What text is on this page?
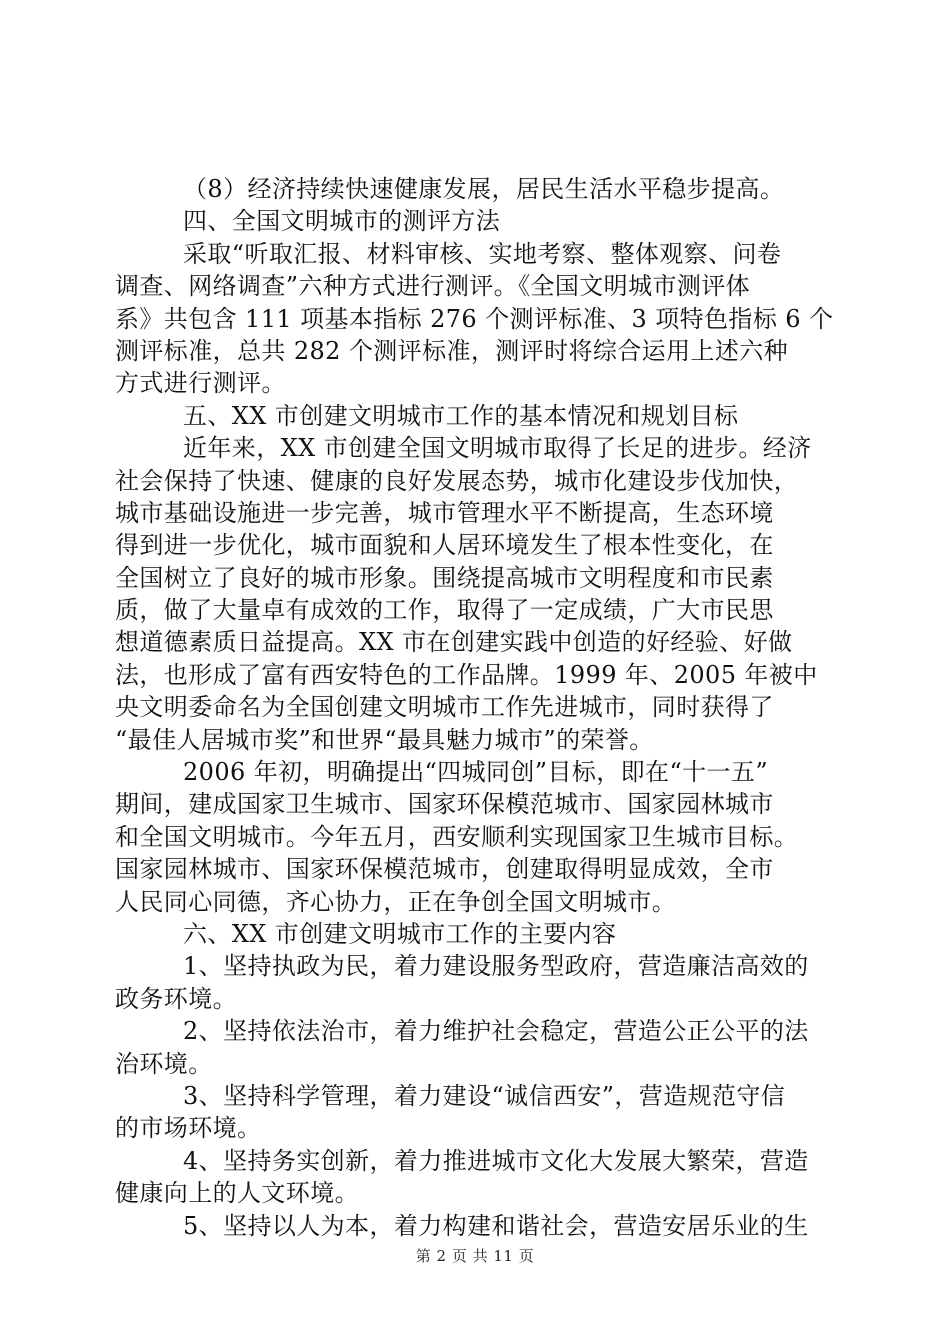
（8）经济持续快速健康发展，居民生活水平稳步提高。
四、全国文明城市的测评方法
采取“听取汇报、材料审核、实地考察、整体观察、问卷
调查、网络调查”六种方式进行测评。《全国文明城市测评体
系》共包含 111 项基本指标 276 个测评标准、3 项特色指标 6 个
测评标准，总共 282 个测评标准，测评时将综合运用上述六种
方式进行测评。
五、XX 市创建文明城市工作的基本情况和规划目标
近年来，XX 市创建全国文明城市取得了长足的进步。经济
社会保持了快速、健康的良好发展态势，城市化建设步伐加快，
城市基础设施进一步完善，城市管理水平不断提高，生态环境
得到进一步优化，城市面貌和人居环境发生了根本性变化，在
全国树立了良好的城市形象。围绕提高城市文明程度和市民素
质，做了大量卓有成效的工作，取得了一定成绩，广大市民思
想道德素质日益提高。XX 市在创建实践中创造的好经验、好做
法，也形成了富有西安特色的工作品牌。1999 年、2005 年被中
央文明委命名为全国创建文明城市工作先进城市，同时获得了
“最佳人居城市奖”和世界“最具魅力城市”的荣誉。
2006 年初，明确提出“四城同创”目标，即在“十一五”
期间，建成国家卫生城市、国家环保模范城市、国家园林城市
和全国文明城市。今年五月，西安顺利实现国家卫生城市目标。
国家园林城市、国家环保模范城市，创建取得明显成效，全市
人民同心同德，齐心协力，正在争创全国文明城市。
六、XX 市创建文明城市工作的主要内容
1、坚持执政为民，着力建设服务型政府，营造廉洁高效的
政务环境。
2、坚持依法治市，着力维护社会稳定，营造公正公平的法
治环境。
3、坚持科学管理，着力建设“诚信西安”，营造规范守信
的市场环境。
4、坚持务实创新，着力推进城市文化大发展大繁荣，营造
健康向上的人文环境。
5、坚持以人为本，着力构建和谐社会，营造安居乐业的生
第 2 页 共 11 页
